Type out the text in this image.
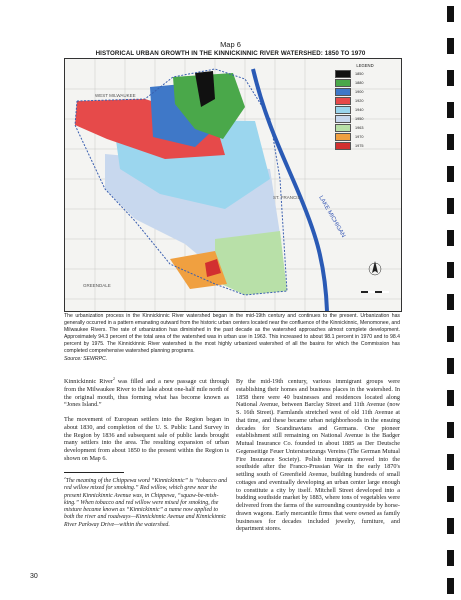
Map 6
HISTORICAL URBAN GROWTH IN THE KINNICKINNIC RIVER WATERSHED: 1850 TO 1970
LAKE MICHIGAN
WEST MILWAUKEE
ST. FRANCIS
GREENDALE
LEGEND
1850
1880
1900
1920
1940
1950
1963
1970
1975
The urbanization process in the Kinnickinnic River watershed began in the mid-19th century and continues to the present. Urbanization has generally occurred in a pattern emanating outward from the historic urban centers located near the confluence of the Kinnickinnic, Menomonee, and Milwaukee Rivers. The rate of urbanization has diminished in the past decade as the watershed approaches almost complete development. Approximately 94.3 percent of the total area of the watershed was in urban use in 1963. This increased to about 98.1 percent in 1970 and to 98.4 percent by 1975. The Kinnickinnic River watershed is the most highly urbanized watershed of all the basins for which the Commission has completed comprehensive watershed planning programs.
Source: SEWRPC.

Kinnickinnic River$^2$ was filled and a new passage cut through from the Milwaukee River to the lake about one-half mile north of the original mouth, thus forming what has become known as “Jones Island.”

The movement of European settlers into the Region began in about 1830, and completion of the U. S. Public Land Survey in the Region by 1836 and subsequent sale of public lands brought many settlers into the area. The resulting expansion of urban development from about 1850 to the present within the Region is shown on Map 6.

$^2$The meaning of the Chippewa word “Kinnickinnic” is “tobacco and red willow mixed for smoking.” Red willow, which grew near the present Kinnickinnic Avenue was, in Chippewa, “squaw-be-mish-king.” When tobacco and red willow were mixed for smoking, the mixture became known as “Kinnickinnic” a name now applied to both the river and roadways—Kinnickinnic Avenue and Kinnickinnic River Parkway Drive—within the watershed.

By the mid-19th century, various immigrant groups were establishing their homes and business places in the watershed. In 1858 there were 40 businesses and residences located along National Avenue, between Barclay Street and 11th Avenue (now S. 16th Street). Farmlands stretched west of old 11th Avenue at that time, and these became urban neighborhoods in the ensuing decades for Scandinavians and Germans. One pioneer establishment still remaining on National Avenue is the Badger Mutual Insurance Co. founded in about 1885 as Der Deutsche Gegenseitige Feuer Unterstuetzungs Vereins (The German Mutual Fire Insurance Society). Polish immigrants moved into the southside after the Franco-Prussian War in the early 1870's settling south of Greenfield Avenue, building hundreds of small cottages and eventually developing an urban center large enough to constitute a city by itself. Mitchell Street developed into a budding southside market by 1883, where tons of vegetables were delivered from the farms of the surrounding countryside by horse-drawn wagons. Early mercantile firms that were owned as family businesses for decades included jewelry, furniture, and department stores.

30
